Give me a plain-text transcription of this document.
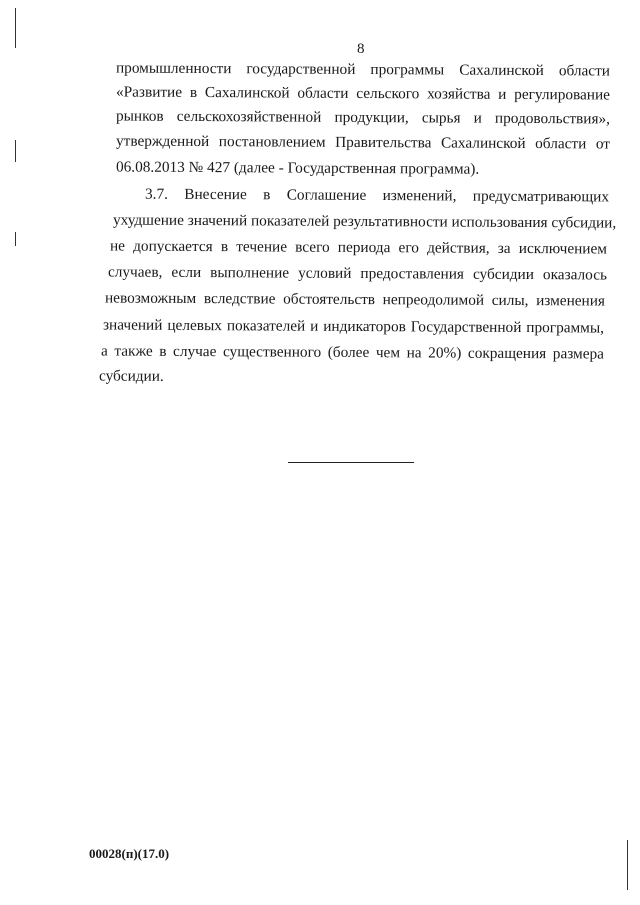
8
промышленности государственной программы Сахалинской области
«Развитие в Сахалинской области сельского хозяйства и регулирование
рынков сельскохозяйственной продукции, сырья и продовольствия»,
утвержденной постановлением Правительства Сахалинской области от
06.08.2013 № 427 (далее - Государственная программа).
3.7. Внесение в Соглашение изменений, предусматривающих
ухудшение значений показателей результативности использования субсидии,
не допускается в течение всего периода его действия, за исключением
случаев, если выполнение условий предоставления субсидии оказалось
невозможным вследствие обстоятельств непреодолимой силы, изменения
значений целевых показателей и индикаторов Государственной программы,
а также в случае существенного (более чем на 20%) сокращения размера
субсидии.
00028(п)(17.0)
